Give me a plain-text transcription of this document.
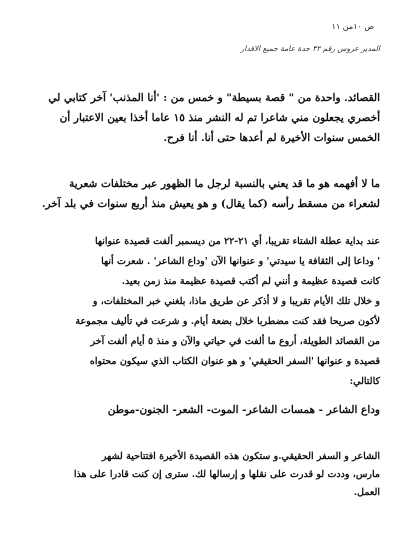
ص ١٠من ١١
المدير عروس رقم ٣٢ جدة عامة جميع الاقدار

القصائد. واحدة من " قصة بسيطة" و خمس من : 'أنا المذنب' آخر كتابي لي
أخصري يجعلون مني شاعرا تم له النشر منذ ١٥ عاما أخذا بعين الاعتبار أن
الخمس سنوات الأخيرة لم أعدها حتى أنا. أنا فرح.

ما لا أفهمه هو ما قد يعني بالنسبة لرجل ما الظهور عبر مختلفات شعرية
لشعراء من مسقط رأسه (كما يقال) و هو يعيش منذ أربع سنوات في بلد آخر.

عند بداية عطلة الشتاء تقريبا، أي ٢١-٢٢ من ديسمبر ألفت قصيدة عنوانها
' وداعا إلى الثقافة يا سيدتي' و عنوانها الآن 'وداع الشاعر' . شعرت أنها
كانت قصيدة عظيمة و أنني لم أكتب قصيدة عظيمة منذ زمن بعيد.
و خلال تلك الأيام تقريبا و لا أذكر عن طريق ماذا، بلغني خبر المختلفات، و
لأكون صريحا فقد كنت مضطربا خلال بضعة أيام. و شرعت في تأليف مجموعة
من القصائد الطويلة، أروع ما ألفت في حياتي والآن و منذ ٥ أيام ألفت آخر
قصيدة و عنوانها 'السفر الحقيقي' و هو عنوان الكتاب الذي سيكون محتواه
كالتالي:

وداع الشاعر - همسات الشاعر- الموت- الشعر- الجنون-موطن

الشاعر و السفر الحقيقي.و ستكون هذه القصيدة الأخيرة افتتاحية لشهر
مارس، وددت لو قدرت على نقلها و إرسالها لك. سترى إن كنت قادرا على هذا
العمل.
